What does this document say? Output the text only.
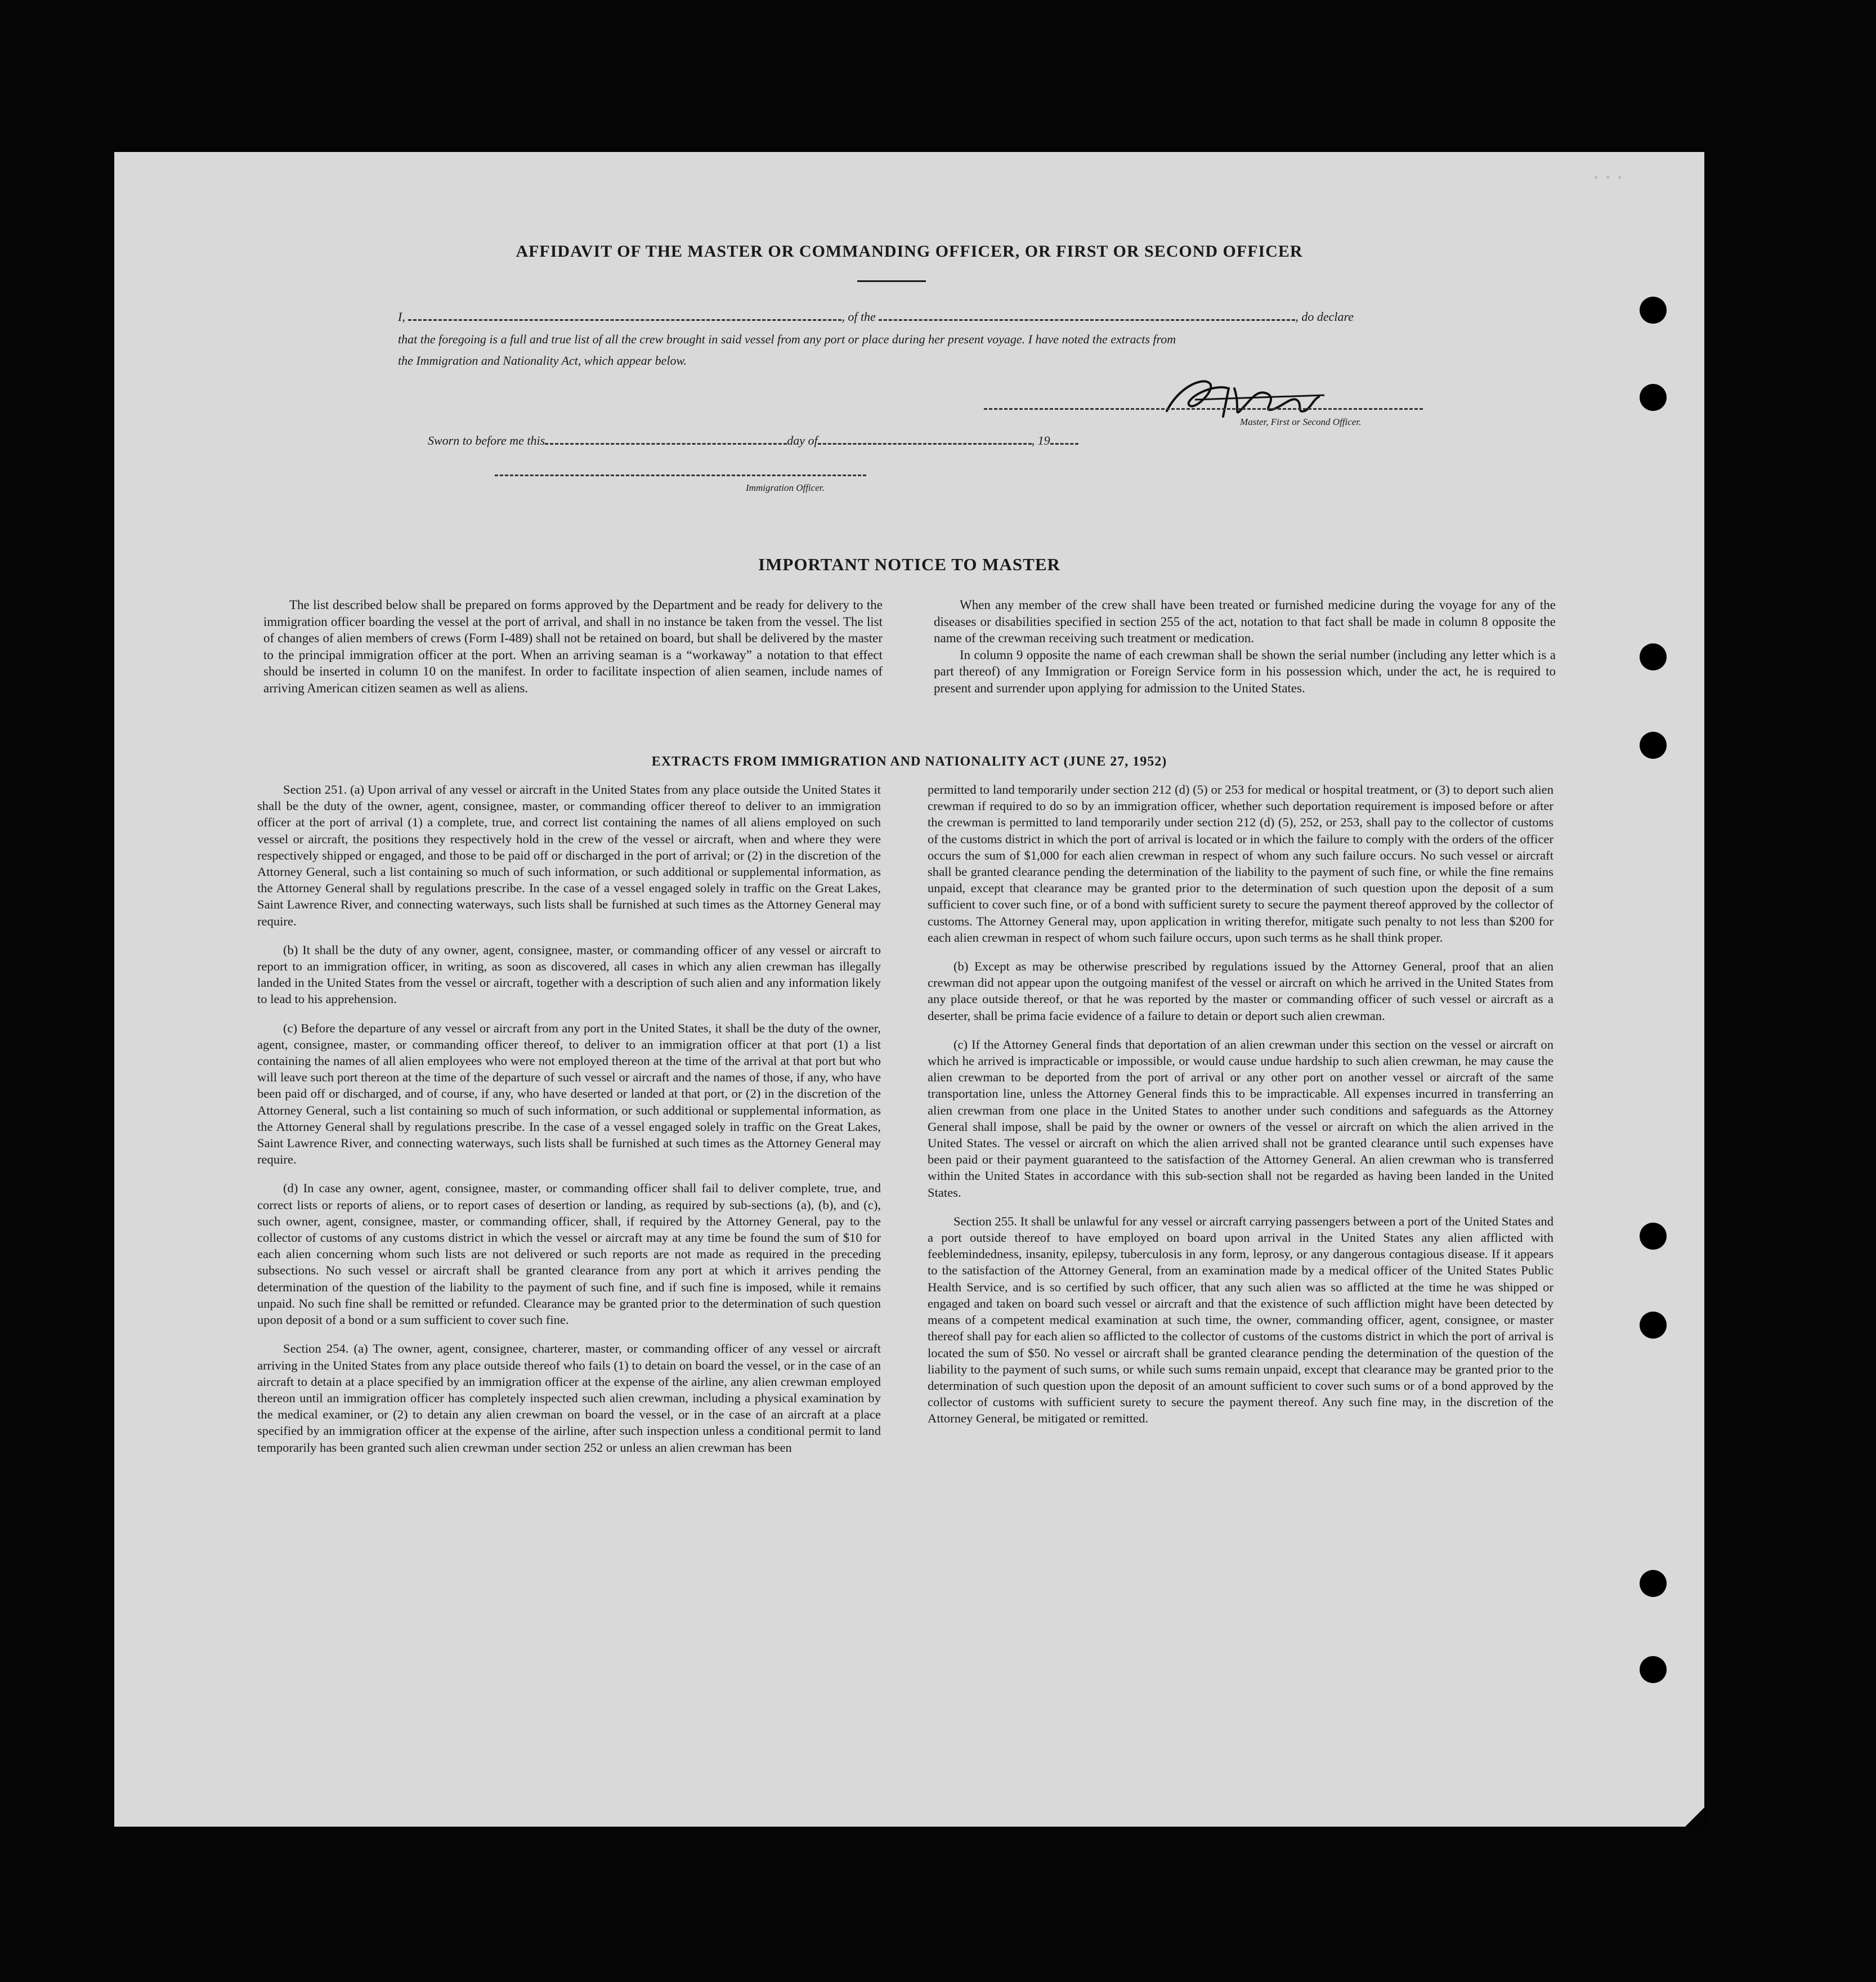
AFFIDAVIT OF THE MASTER OR COMMANDING OFFICER, OR FIRST OR SECOND OFFICER
I,	, of the	, do declare
that the foregoing is a full and true list of all the crew brought in said vessel from any port or place during her present voyage. I have noted the extracts from
the Immigration and Nationality Act, which appear below.
Master, First or Second Officer.
Sworn to before me this	day of	, 19
Immigration Officer.
IMPORTANT NOTICE TO MASTER

The list described below shall be prepared on forms approved by the Department and be ready for delivery to the immigration officer boarding the vessel at the port of arrival, and shall in no instance be taken from the vessel. The list of changes of alien members of crews (Form I-489) shall not be retained on board, but shall be delivered by the master to the principal immigration officer at the port. When an arriving seaman is a “workaway” a notation to that effect should be inserted in column 10 on the manifest. In order to facilitate inspection of alien seamen, include names of arriving American citizen seamen as well as aliens.

When any member of the crew shall have been treated or furnished medicine during the voyage for any of the diseases or disabilities specified in section 255 of the act, notation to that fact shall be made in column 8 opposite the name of the crewman receiving such treatment or medication.

In column 9 opposite the name of each crewman shall be shown the serial number (including any letter which is a part thereof) of any Immigration or Foreign Service form in his possession which, under the act, he is required to present and surrender upon applying for admission to the United States.

EXTRACTS FROM IMMIGRATION AND NATIONALITY ACT (JUNE 27, 1952)

Section 251. (a) Upon arrival of any vessel or aircraft in the United States from any place outside the United States it shall be the duty of the owner, agent, consignee, master, or commanding officer thereof to deliver to an immigration officer at the port of arrival (1) a complete, true, and correct list containing the names of all aliens employed on such vessel or aircraft, the positions they respectively hold in the crew of the vessel or aircraft, when and where they were respectively shipped or engaged, and those to be paid off or discharged in the port of arrival; or (2) in the discretion of the Attorney General, such a list containing so much of such information, or such additional or supplemental information, as the Attorney General shall by regulations prescribe. In the case of a vessel engaged solely in traffic on the Great Lakes, Saint Lawrence River, and connecting waterways, such lists shall be furnished at such times as the Attorney General may require.

(b) It shall be the duty of any owner, agent, consignee, master, or commanding officer of any vessel or aircraft to report to an immigration officer, in writing, as soon as discovered, all cases in which any alien crewman has illegally landed in the United States from the vessel or aircraft, together with a description of such alien and any information likely to lead to his apprehension.

(c) Before the departure of any vessel or aircraft from any port in the United States, it shall be the duty of the owner, agent, consignee, master, or commanding officer thereof, to deliver to an immigration officer at that port (1) a list containing the names of all alien employees who were not employed thereon at the time of the arrival at that port but who will leave such port thereon at the time of the departure of such vessel or aircraft and the names of those, if any, who have been paid off or discharged, and of course, if any, who have deserted or landed at that port, or (2) in the discretion of the Attorney General, such a list containing so much of such information, or such additional or supplemental information, as the Attorney General shall by regulations prescribe. In the case of a vessel engaged solely in traffic on the Great Lakes, Saint Lawrence River, and connecting waterways, such lists shall be furnished at such times as the Attorney General may require.

(d) In case any owner, agent, consignee, master, or commanding officer shall fail to deliver complete, true, and correct lists or reports of aliens, or to report cases of desertion or landing, as required by sub-sections (a), (b), and (c), such owner, agent, consignee, master, or commanding officer, shall, if required by the Attorney General, pay to the collector of customs of any customs district in which the vessel or aircraft may at any time be found the sum of $10 for each alien concerning whom such lists are not delivered or such reports are not made as required in the preceding subsections. No such vessel or aircraft shall be granted clearance from any port at which it arrives pending the determination of the question of the liability to the payment of such fine, and if such fine is imposed, while it remains unpaid. No such fine shall be remitted or refunded. Clearance may be granted prior to the determination of such question upon deposit of a bond or a sum sufficient to cover such fine.

Section 254. (a) The owner, agent, consignee, charterer, master, or commanding officer of any vessel or aircraft arriving in the United States from any place outside thereof who fails (1) to detain on board the vessel, or in the case of an aircraft to detain at a place specified by an immigration officer at the expense of the airline, any alien crewman employed thereon until an immigration officer has completely inspected such alien crewman, including a physical examination by the medical examiner, or (2) to detain any alien crewman on board the vessel, or in the case of an aircraft at a place specified by an immigration officer at the expense of the airline, after such inspection unless a conditional permit to land temporarily has been granted such alien crewman under section 252 or unless an alien crewman has been

permitted to land temporarily under section 212 (d) (5) or 253 for medical or hospital treatment, or (3) to deport such alien crewman if required to do so by an immigration officer, whether such deportation requirement is imposed before or after the crewman is permitted to land temporarily under section 212 (d) (5), 252, or 253, shall pay to the collector of customs of the customs district in which the port of arrival is located or in which the failure to comply with the orders of the officer occurs the sum of $1,000 for each alien crewman in respect of whom any such failure occurs. No such vessel or aircraft shall be granted clearance pending the determination of the liability to the payment of such fine, or while the fine remains unpaid, except that clearance may be granted prior to the determination of such question upon the deposit of a sum sufficient to cover such fine, or of a bond with sufficient surety to secure the payment thereof approved by the collector of customs. The Attorney General may, upon application in writing therefor, mitigate such penalty to not less than $200 for each alien crewman in respect of whom such failure occurs, upon such terms as he shall think proper.

(b) Except as may be otherwise prescribed by regulations issued by the Attorney General, proof that an alien crewman did not appear upon the outgoing manifest of the vessel or aircraft on which he arrived in the United States from any place outside thereof, or that he was reported by the master or commanding officer of such vessel or aircraft as a deserter, shall be prima facie evidence of a failure to detain or deport such alien crewman.

(c) If the Attorney General finds that deportation of an alien crewman under this section on the vessel or aircraft on which he arrived is impracticable or impossible, or would cause undue hardship to such alien crewman, he may cause the alien crewman to be deported from the port of arrival or any other port on another vessel or aircraft of the same transportation line, unless the Attorney General finds this to be impracticable. All expenses incurred in transferring an alien crewman from one place in the United States to another under such conditions and safeguards as the Attorney General shall impose, shall be paid by the owner or owners of the vessel or aircraft on which the alien arrived in the United States. The vessel or aircraft on which the alien arrived shall not be granted clearance until such expenses have been paid or their payment guaranteed to the satisfaction of the Attorney General. An alien crewman who is transferred within the United States in accordance with this sub-section shall not be regarded as having been landed in the United States.

Section 255. It shall be unlawful for any vessel or aircraft carrying passengers between a port of the United States and a port outside thereof to have employed on board upon arrival in the United States any alien afflicted with feeblemindedness, insanity, epilepsy, tuberculosis in any form, leprosy, or any dangerous contagious disease. If it appears to the satisfaction of the Attorney General, from an examination made by a medical officer of the United States Public Health Service, and is so certified by such officer, that any such alien was so afflicted at the time he was shipped or engaged and taken on board such vessel or aircraft and that the existence of such affliction might have been detected by means of a competent medical examination at such time, the owner, commanding officer, agent, consignee, or master thereof shall pay for each alien so afflicted to the collector of customs of the customs district in which the port of arrival is located the sum of $50. No vessel or aircraft shall be granted clearance pending the determination of the question of the liability to the payment of such sums, or while such sums remain unpaid, except that clearance may be granted prior to the determination of such question upon the deposit of an amount sufficient to cover such sums or of a bond approved by the collector of customs with sufficient surety to secure the payment thereof. Any such fine may, in the discretion of the Attorney General, be mitigated or remitted.

▪▪▪
